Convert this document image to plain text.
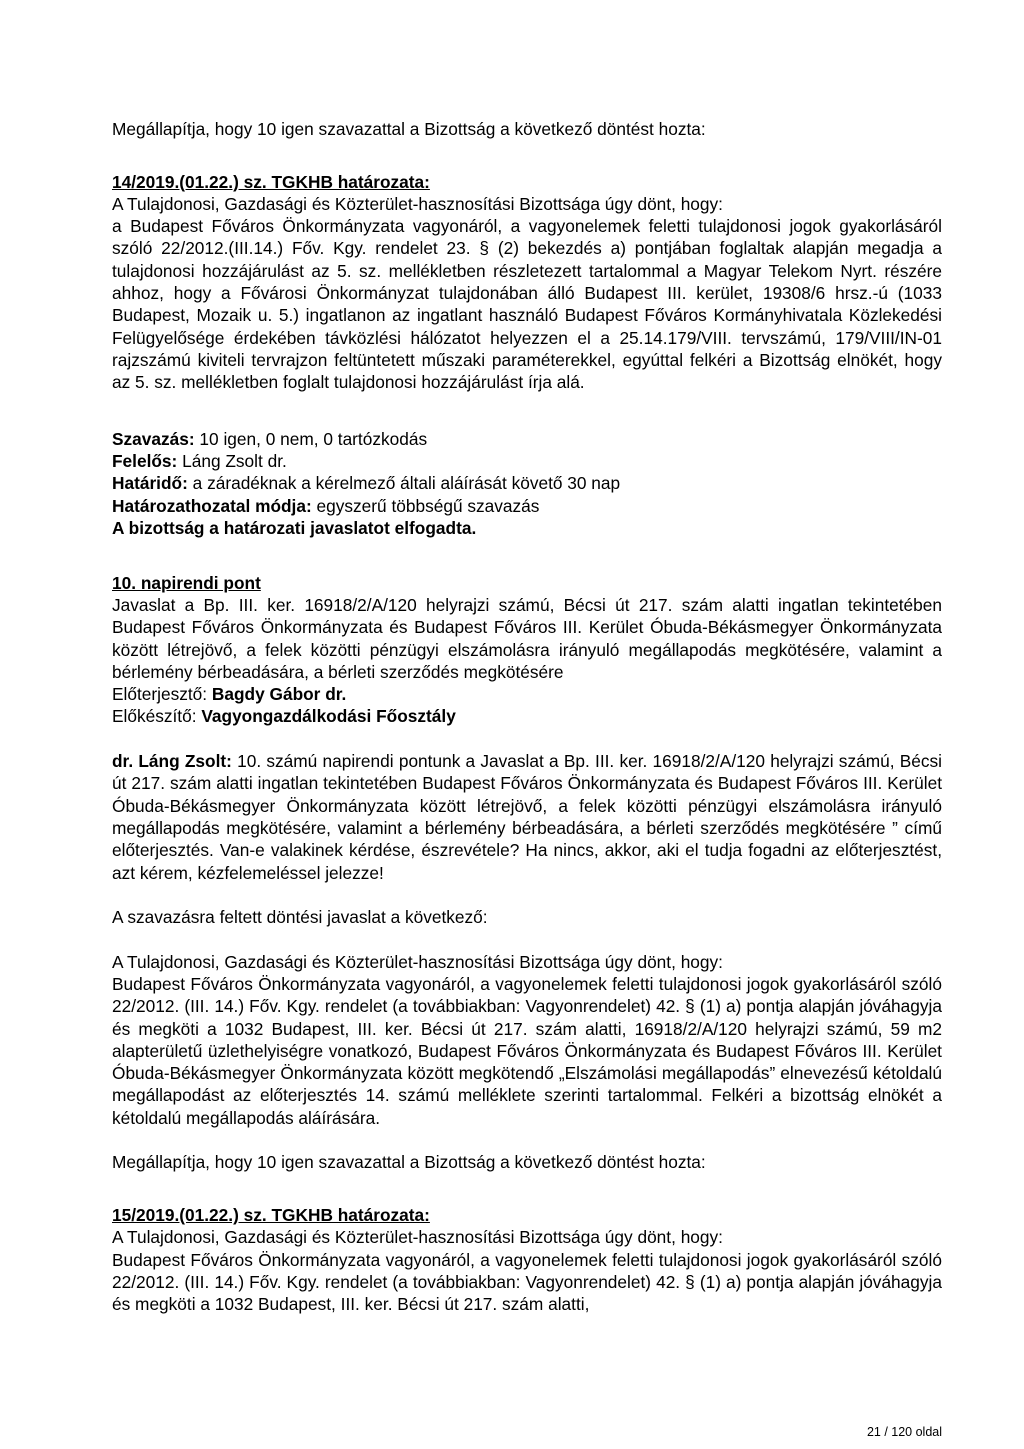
Megállapítja, hogy 10 igen szavazattal a Bizottság a következő döntést hozta:

14/2019.(01.22.) sz. TGKHB határozata:

A Tulajdonosi, Gazdasági és Közterület-hasznosítási Bizottsága úgy dönt, hogy:

a Budapest Főváros Önkormányzata vagyonáról, a vagyonelemek feletti tulajdonosi jogok gyakorlásáról szóló 22/2012.(III.14.) Főv. Kgy. rendelet 23. § (2) bekezdés a) pontjában foglaltak alapján megadja a tulajdonosi hozzájárulást az 5. sz. mellékletben részletezett tartalommal a Magyar Telekom Nyrt. részére ahhoz, hogy a Fővárosi Önkormányzat tulajdonában álló Budapest III. kerület, 19308/6 hrsz.-ú (1033 Budapest, Mozaik u. 5.) ingatlanon az ingatlant használó Budapest Főváros Kormányhivatala Közlekedési Felügyelősége érdekében távközlési hálózatot helyezzen el a 25.14.179/VIII. tervszámú, 179/VIII/IN-01 rajzszámú kiviteli tervrajzon feltüntetett műszaki paraméterekkel, egyúttal felkéri a Bizottság elnökét, hogy az 5. sz. mellékletben foglalt tulajdonosi hozzájárulást írja alá.

Szavazás: 10 igen, 0 nem, 0 tartózkodás

Felelős: Láng Zsolt dr.

Határidő: a záradéknak a kérelmező általi aláírását követő 30 nap

Határozathozatal módja: egyszerű többségű szavazás

A bizottság a határozati javaslatot elfogadta.

10. napirendi pont

Javaslat a Bp. III. ker. 16918/2/A/120 helyrajzi számú, Bécsi út 217. szám alatti ingatlan tekintetében Budapest Főváros Önkormányzata és Budapest Főváros III. Kerület Óbuda-Békásmegyer Önkormányzata között létrejövő, a felek közötti pénzügyi elszámolásra irányuló megállapodás megkötésére, valamint a bérlemény bérbeadására, a bérleti szerződés megkötésére

Előterjesztő: Bagdy Gábor dr.

Előkészítő: Vagyongazdálkodási Főosztály

dr. Láng Zsolt: 10. számú napirendi pontunk a Javaslat a Bp. III. ker. 16918/2/A/120 helyrajzi számú, Bécsi út 217. szám alatti ingatlan tekintetében Budapest Főváros Önkormányzata és Budapest Főváros III. Kerület Óbuda-Békásmegyer Önkormányzata között létrejövő, a felek közötti pénzügyi elszámolásra irányuló megállapodás megkötésére, valamint a bérlemény bérbeadására, a bérleti szerződés megkötésére ” című előterjesztés. Van-e valakinek kérdése, észrevétele? Ha nincs, akkor, aki el tudja fogadni az előterjesztést, azt kérem, kézfelemeléssel jelezze!

A szavazásra feltett döntési javaslat a következő:

A Tulajdonosi, Gazdasági és Közterület-hasznosítási Bizottsága úgy dönt, hogy:

Budapest Főváros Önkormányzata vagyonáról, a vagyonelemek feletti tulajdonosi jogok gyakorlásáról szóló 22/2012. (III. 14.) Főv. Kgy. rendelet (a továbbiakban: Vagyonrendelet) 42. § (1) a) pontja alapján jóváhagyja és megköti a 1032 Budapest, III. ker. Bécsi út 217. szám alatti, 16918/2/A/120 helyrajzi számú, 59 m2 alapterületű üzlethelyiségre vonatkozó, Budapest Főváros Önkormányzata és Budapest Főváros III. Kerület Óbuda-Békásmegyer Önkormányzata között megkötendő „Elszámolási megállapodás” elnevezésű kétoldalú megállapodást az előterjesztés 14. számú melléklete szerinti tartalommal. Felkéri a bizottság elnökét a kétoldalú megállapodás aláírására.

Megállapítja, hogy 10 igen szavazattal a Bizottság a következő döntést hozta:

15/2019.(01.22.) sz. TGKHB határozata:

A Tulajdonosi, Gazdasági és Közterület-hasznosítási Bizottsága úgy dönt, hogy:

Budapest Főváros Önkormányzata vagyonáról, a vagyonelemek feletti tulajdonosi jogok gyakorlásáról szóló 22/2012. (III. 14.) Főv. Kgy. rendelet (a továbbiakban: Vagyonrendelet) 42. § (1) a) pontja alapján jóváhagyja és megköti a 1032 Budapest, III. ker. Bécsi út 217. szám alatti,

21 / 120 oldal
